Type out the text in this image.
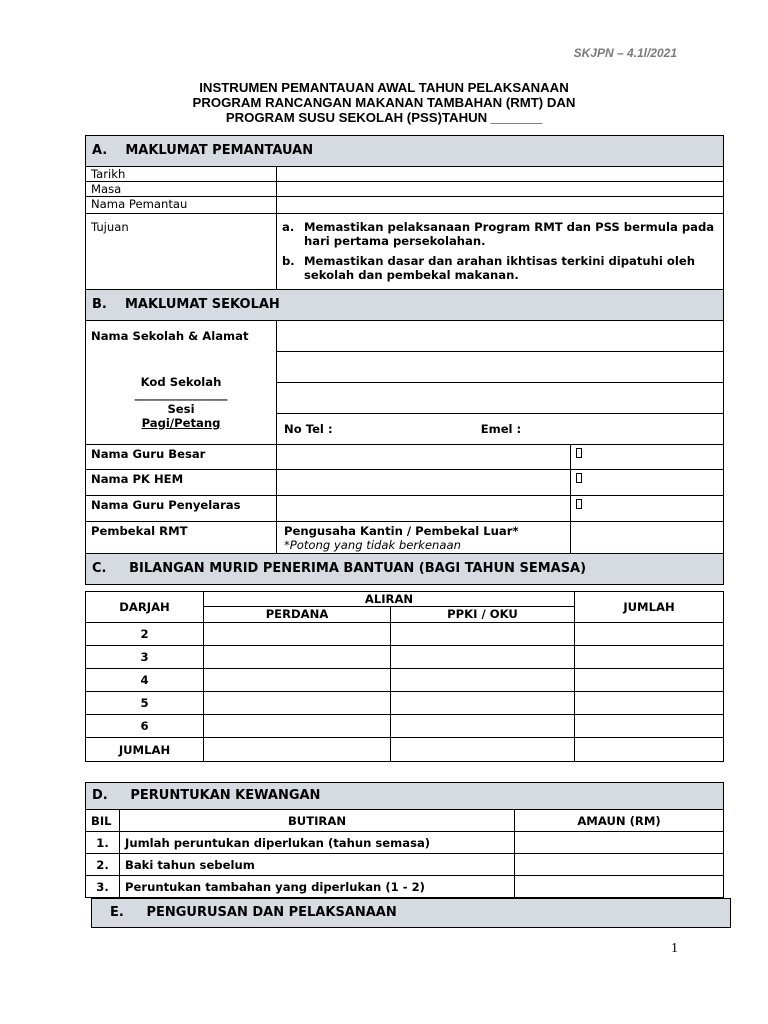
SKJPN – 4.1l/2021
INSTRUMEN PEMANTAUAN AWAL TAHUN PELAKSANAAN
PROGRAM RANCANGAN MAKANAN TAMBAHAN (RMT) DAN
PROGRAM SUSU SEKOLAH (PSS)TAHUN _______
A.    MAKLUMAT PEMANTAUAN		
Tarikh		
Masa		
Nama Pemantau		
Tujuan	a. Memastikan pelaksanaan Program RMT dan PSS bermula pada hari pertama persekolahan.
b. Memastikan dasar dan arahan ikhtisas terkini dipatuhi oleh sekolah dan pembekal makanan.	

B.    MAKLUMAT SEKOLAH		

Nama Sekolah & Alamat
Kod Sekolah
________________
Sesi
Pagi/Petang		

	No Tel : Emel :	
Nama Guru Besar		
Nama PK HEM		
Nama Guru Penyelaras		
Pembekal RMT	Pengusaha Kantin / Pembekal Luar*
*Potong yang tidak berkenaan	

C.     BILANGAN MURID PENERIMA BANTUAN (BAGI TAHUN SEMASA)		
DARJAH	ALIRAN		JUMLAH
	PERDANA	PPKI / OKU	
2			
3			
4			
5			
6			
JUMLAH			
D.     PERUNTUKAN KEWANGAN		
BIL	BUTIRAN	AMAUN (RM)
1.	Jumlah peruntukan diperlukan (tahun semasa)	
2.	Baki tahun sebelum	
3.	Peruntukan tambahan yang diperlukan (1 - 2)	
E.     PENGURUSAN DAN PELAKSANAAN
1
